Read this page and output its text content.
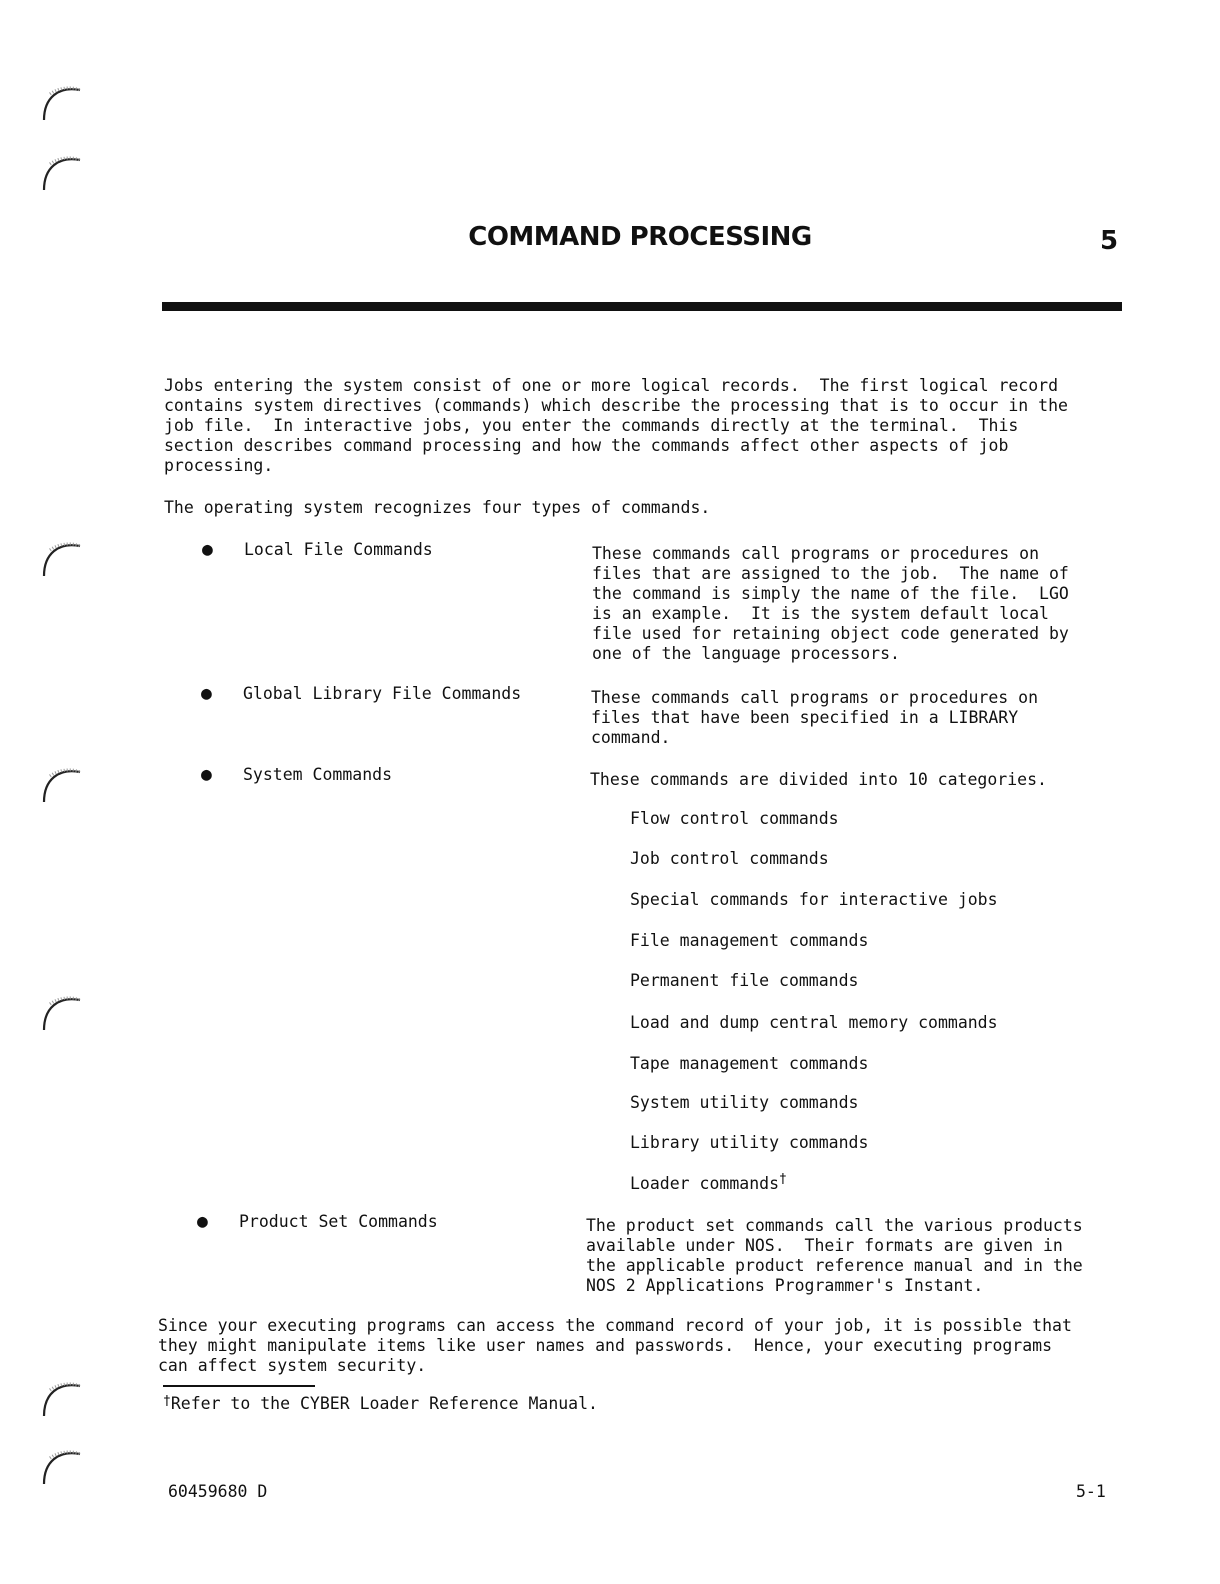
COMMAND PROCESSING	5

Jobs entering the system consist of one or more logical records.  The first logical record
contains system directives (commands) which describe the processing that is to occur in the
job file.  In interactive jobs, you enter the commands directly at the terminal.  This
section describes command processing and how the commands affect other aspects of job
processing.

The operating system recognizes four types of commands.

● Local File Commands	These commands call programs or procedures on
files that are assigned to the job.  The name of
the command is simply the name of the file.  LGO
is an example.  It is the system default local
file used for retaining object code generated by
one of the language processors.

● Global Library File Commands	These commands call programs or procedures on
files that have been specified in a LIBRARY
command.

● System Commands	These commands are divided into 10 categories.

Flow control commands
Job control commands
Special commands for interactive jobs
File management commands
Permanent file commands
Load and dump central memory commands
Tape management commands
System utility commands
Library utility commands
Loader commands†
● Product Set Commands	The product set commands call the various products
available under NOS.  Their formats are given in
the applicable product reference manual and in the
NOS 2 Applications Programmer's Instant.

Since your executing programs can access the command record of your job, it is possible that
they might manipulate items like user names and passwords.  Hence, your executing programs
can affect system security.

†Refer to the CYBER Loader Reference Manual.
60459680 D	5-1
